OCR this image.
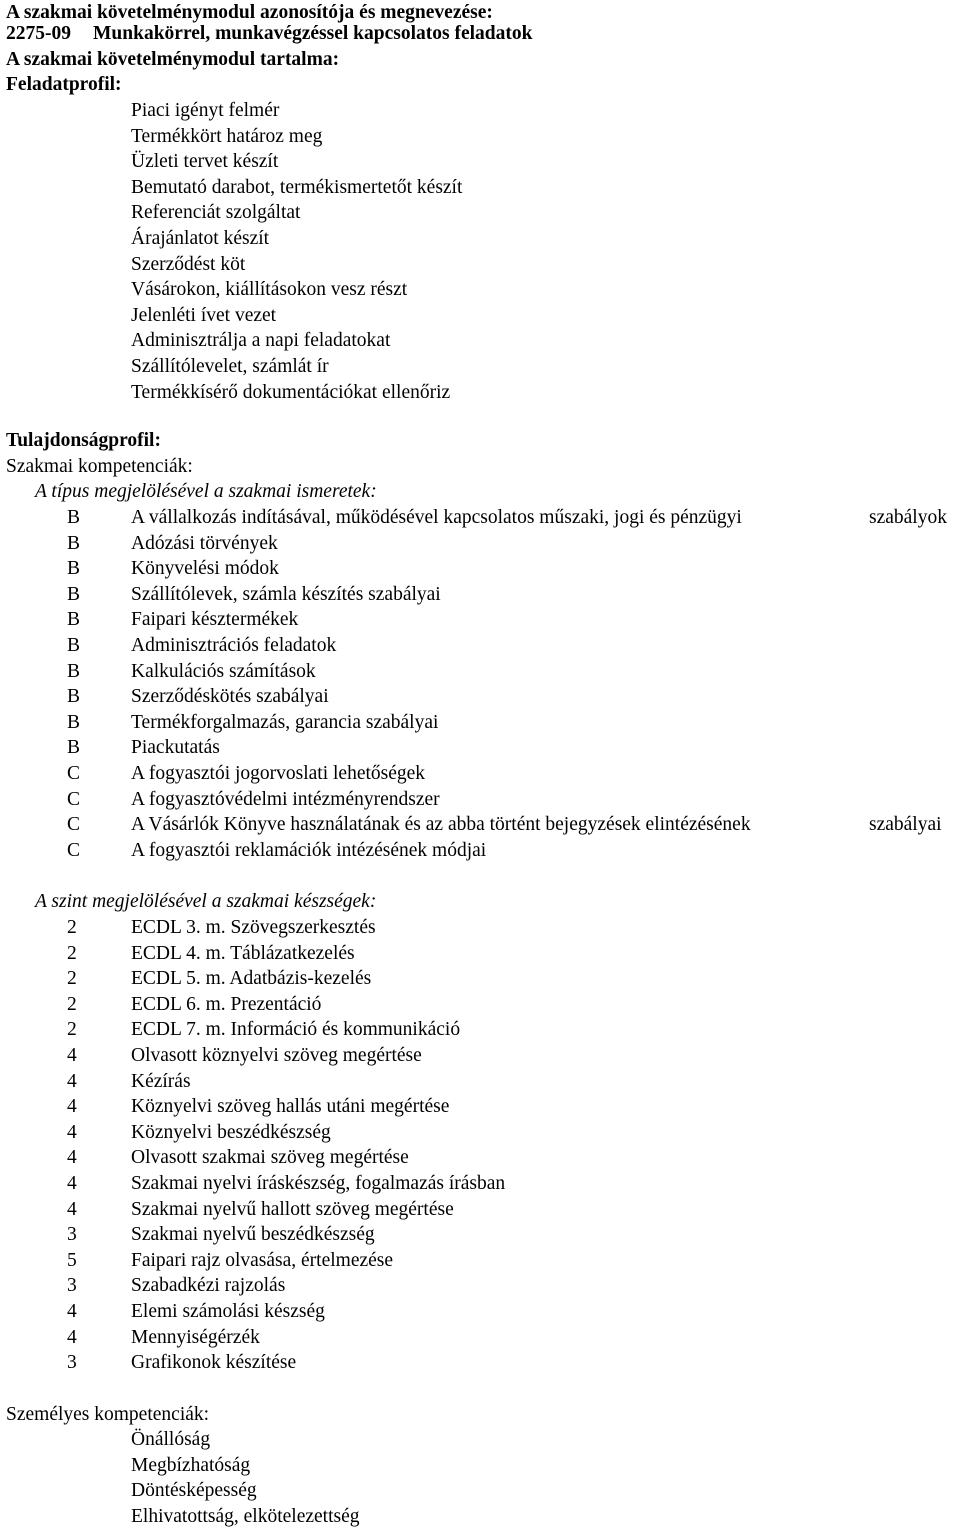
A szakmai követelménymodul azonosítója és megnevezése:
2275-09 Munkakörrel, munkavégzéssel kapcsolatos feladatok
A szakmai követelménymodul tartalma:
Feladatprofil:
Piaci igényt felmér
Termékkört határoz meg
Üzleti tervet készít
Bemutató darabot, termékismertetőt készít
Referenciát szolgáltat
Árajánlatot készít
Szerződést köt
Vásárokon, kiállításokon vesz részt
Jelenléti ívet vezet
Adminisztrálja a napi feladatokat
Szállítólevelet, számlát ír
Termékkísérő dokumentációkat ellenőriz
Tulajdonságprofil:
Szakmai kompetenciák:
A típus megjelölésével a szakmai ismeretek:
B	A vállalkozás indításával, működésével kapcsolatos műszaki, jogi és pénzügyi	szabályok
B	Adózási törvények
B	Könyvelési módok
B	Szállítólevek, számla készítés szabályai
B	Faipari késztermékek
B	Adminisztrációs feladatok
B	Kalkulációs számítások
B	Szerződéskötés szabályai
B	Termékforgalmazás, garancia szabályai
B	Piackutatás
C	A fogyasztói jogorvoslati lehetőségek
C	A fogyasztóvédelmi intézményrendszer
C	A Vásárlók Könyve használatának és az abba történt bejegyzések elintézésének	szabályai
C	A fogyasztói reklamációk intézésének módjai
A szint megjelölésével a szakmai készségek:
2	ECDL 3. m. Szövegszerkesztés
2	ECDL 4. m. Táblázatkezelés
2	ECDL 5. m. Adatbázis-kezelés
2	ECDL 6. m. Prezentáció
2	ECDL 7. m. Információ és kommunikáció
4	Olvasott köznyelvi szöveg megértése
4	Kézírás
4	Köznyelvi szöveg hallás utáni megértése
4	Köznyelvi beszédkészség
4	Olvasott szakmai szöveg megértése
4	Szakmai nyelvi íráskészség, fogalmazás írásban
4	Szakmai nyelvű hallott szöveg megértése
3	Szakmai nyelvű beszédkészség
5	Faipari rajz olvasása, értelmezése
3	Szabadkézi rajzolás
4	Elemi számolási készség
4	Mennyiségérzék
3	Grafikonok készítése
Személyes kompetenciák:
Önállóság
Megbízhatóság
Döntésképesség
Elhivatottság, elkötelezettség
